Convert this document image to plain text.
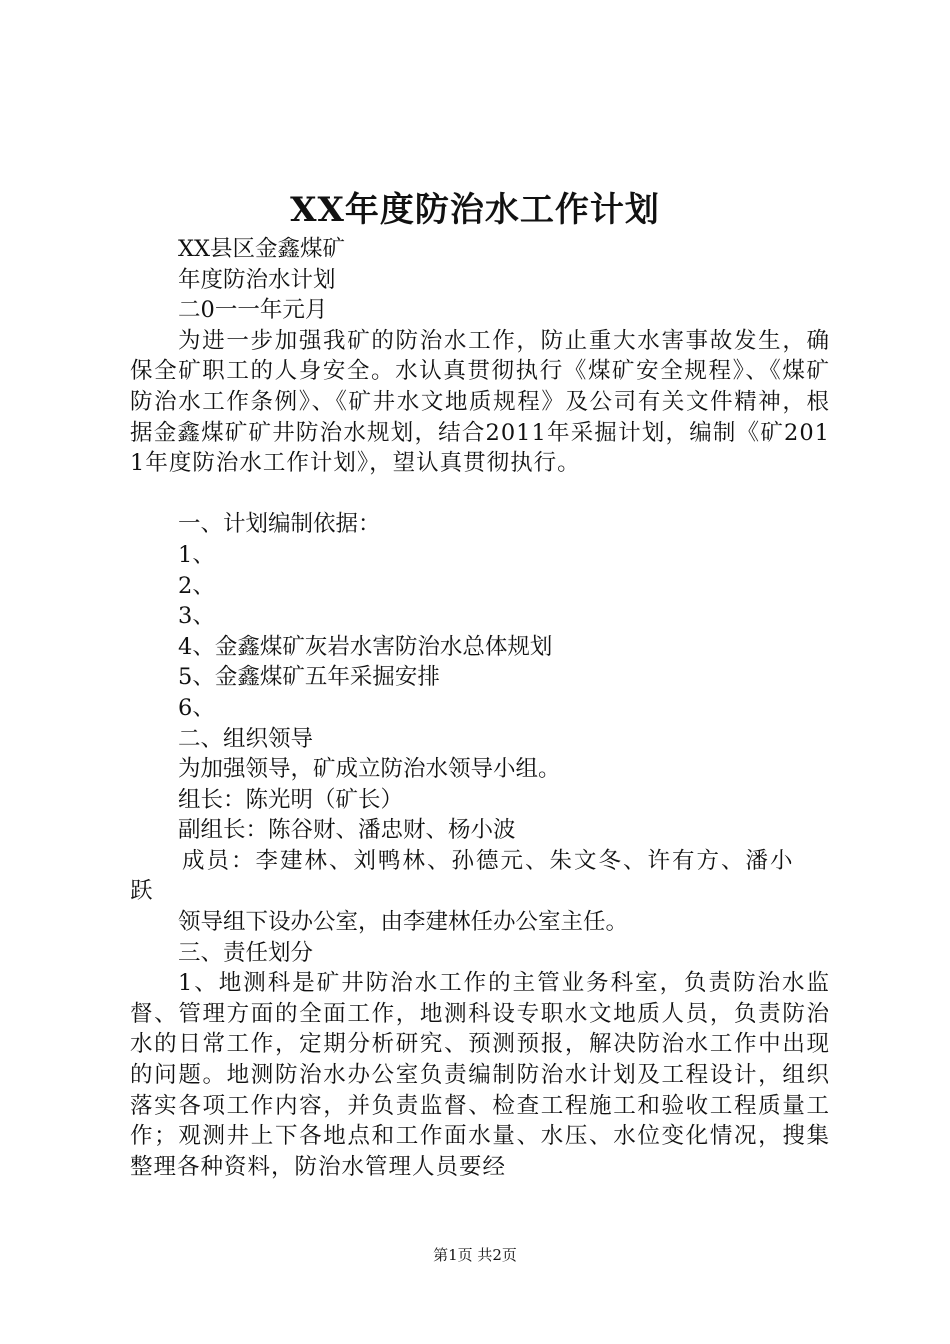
XX年度防治水工作计划
XX县区金鑫煤矿
年度防治水计划
二0一一年元月
为进一步加强我矿的防治水工作，防止重大水害事故发生，确保全矿职工的人身安全。水认真贯彻执行《煤矿安全规程》、《煤矿防治水工作条例》、《矿井水文地质规程》及公司有关文件精神，根据金鑫煤矿矿井防治水规划，结合2011年采掘计划，编制《矿2011年度防治水工作计划》，望认真贯彻执行。
一、计划编制依据：
1、
2、
3、
4、金鑫煤矿灰岩水害防治水总体规划
5、金鑫煤矿五年采掘安排
6、
二、组织领导
为加强领导，矿成立防治水领导小组。
组长：陈光明（矿长）
副组长：陈谷财、潘忠财、杨小波
成员：李建林、刘鸭林、孙德元、朱文冬、许有方、潘小
跃
领导组下设办公室，由李建林任办公室主任。
三、责任划分
1、地测科是矿井防治水工作的主管业务科室，负责防治水监督、管理方面的全面工作，地测科设专职水文地质人员，负责防治水的日常工作，定期分析研究、预测预报，解决防治水工作中出现的问题。地测防治水办公室负责编制防治水计划及工程设计，组织落实各项工作内容，并负责监督、检查工程施工和验收工程质量工作；观测井上下各地点和工作面水量、水压、水位变化情况，搜集整理各种资料，防治水管理人员要经
第1页 共2页
